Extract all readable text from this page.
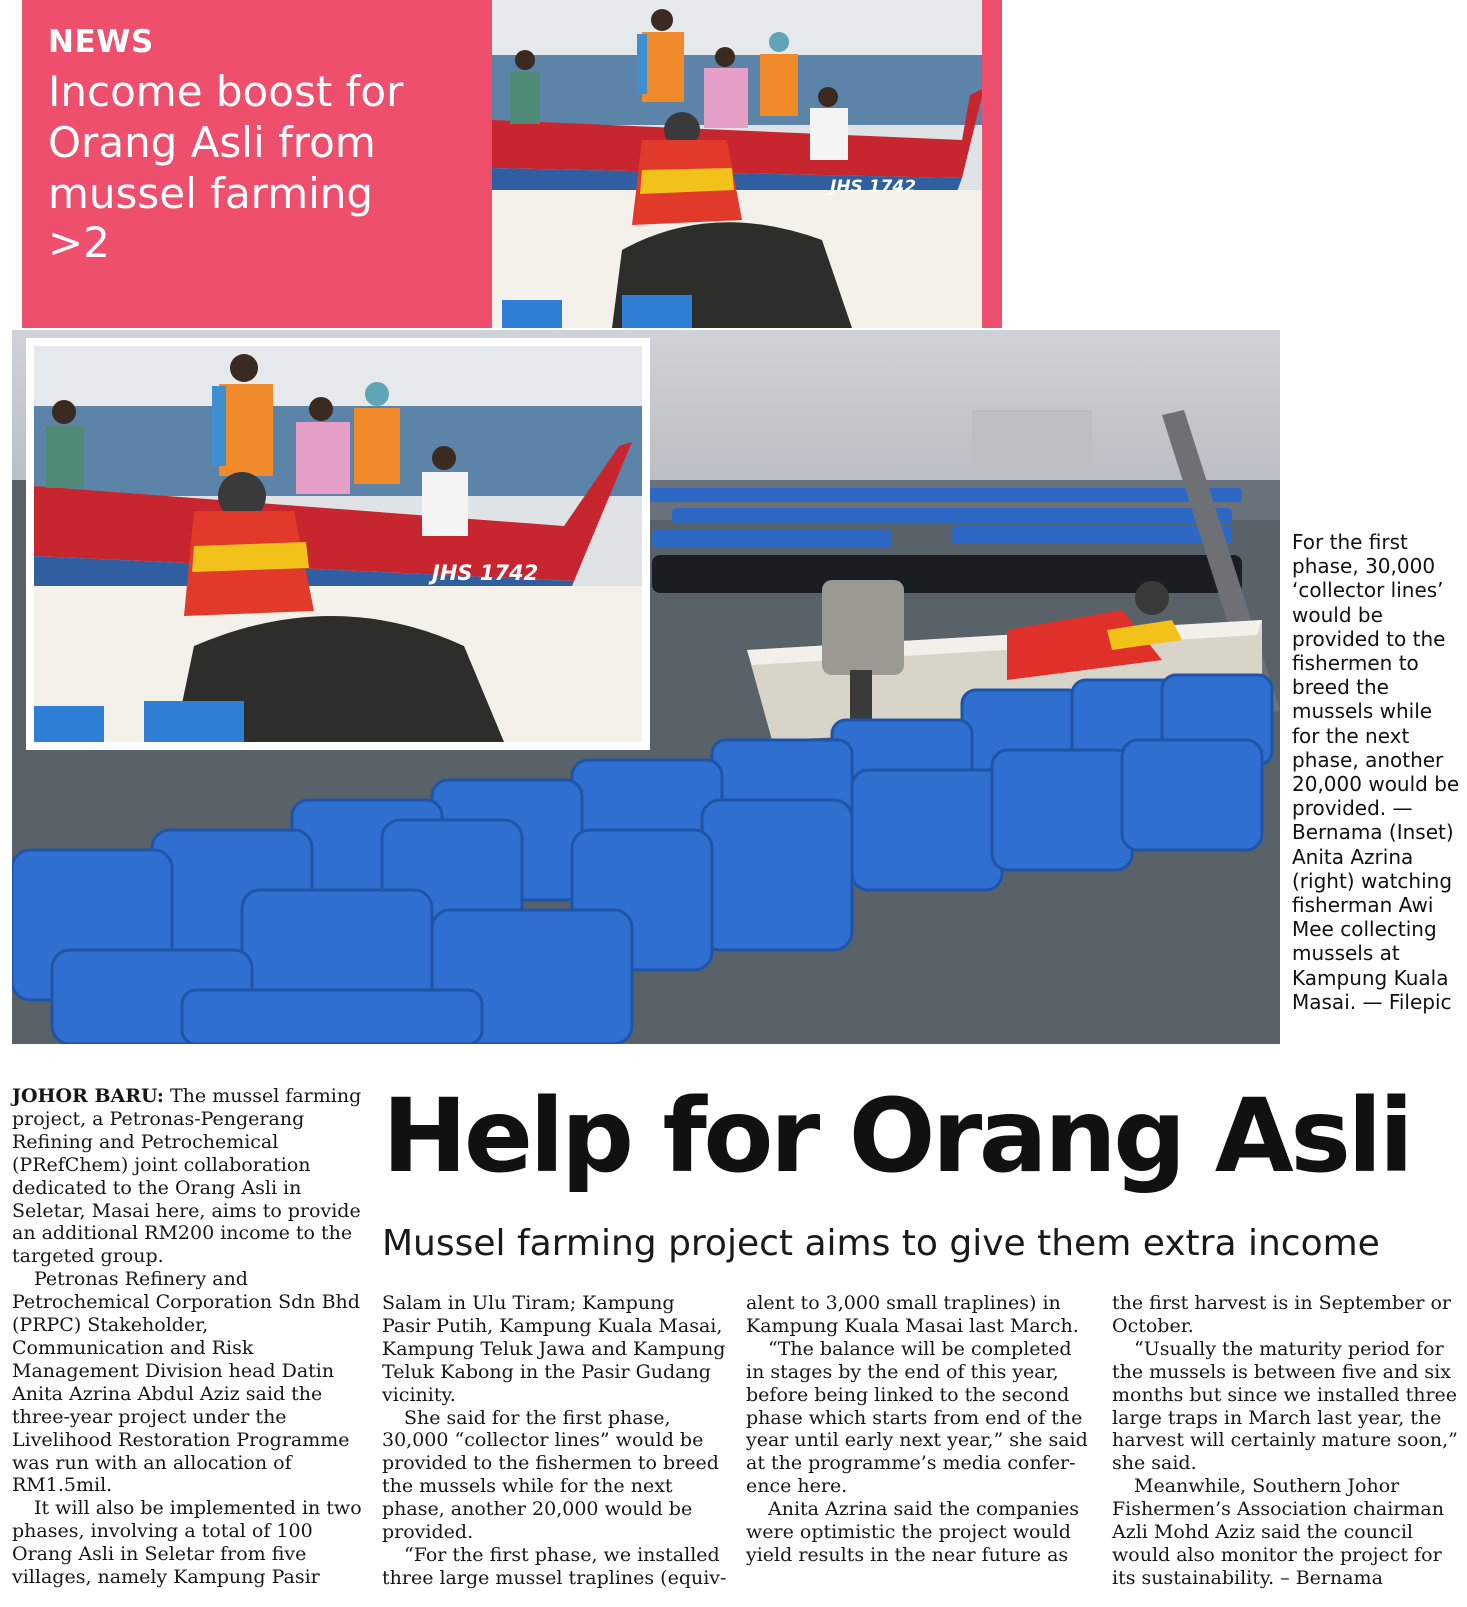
NEWS
Income boost for Orang Asli from mussel farming
>2
JHS 1742
JHS 1742
For the first phase, 30,000 ‘collector lines’ would be provided to the fishermen to breed the mussels while for the next phase, another 20,000 would be provided. — Bernama (Inset) Anita Azrina (right) watching fisherman Awi Mee collecting mussels at Kampung Kuala Masai. — Filepic
Help for Orang Asli
Mussel farming project aims to give them extra income

JOHOR BARU: The mussel farming project, a Petronas-Pengerang Refining and Petrochemical (PRefChem) joint collaboration dedicated to the Orang Asli in Seletar, Masai here, aims to provide an additional RM200 income to the targeted group.

Petronas Refinery and Petrochemical Corporation Sdn Bhd (PRPC) Stakeholder, Communication and Risk Management Division head Datin Anita Azrina Abdul Aziz said the three-year project under the Livelihood Restoration Programme was run with an allocation of RM1.5mil.

It will also be implemented in two phases, involving a total of 100 Orang Asli in Seletar from five villages, namely Kampung Pasir

Salam in Ulu Tiram; Kampung Pasir Putih, Kampung Kuala Masai, Kampung Teluk Jawa and Kampung Teluk Kabong in the Pasir Gudang vicinity.

She said for the first phase, 30,000 “collector lines” would be provided to the fishermen to breed the mussels while for the next phase, another 20,000 would be provided.

“For the first phase, we installed three large mussel traplines (equiv-

alent to 3,000 small traplines) in Kampung Kuala Masai last March.

“The balance will be completed in stages by the end of this year, before being linked to the second phase which starts from end of the year until early next year,” she said at the programme’s media confer- ence here.

Anita Azrina said the companies were optimistic the project would yield results in the near future as

the first harvest is in September or October.

“Usually the maturity period for the mussels is between five and six months but since we installed three large traps in March last year, the harvest will certainly mature soon,” she said.

Meanwhile, Southern Johor Fishermen’s Association chairman Azli Mohd Aziz said the council would also monitor the project for its sustainability. – Bernama
